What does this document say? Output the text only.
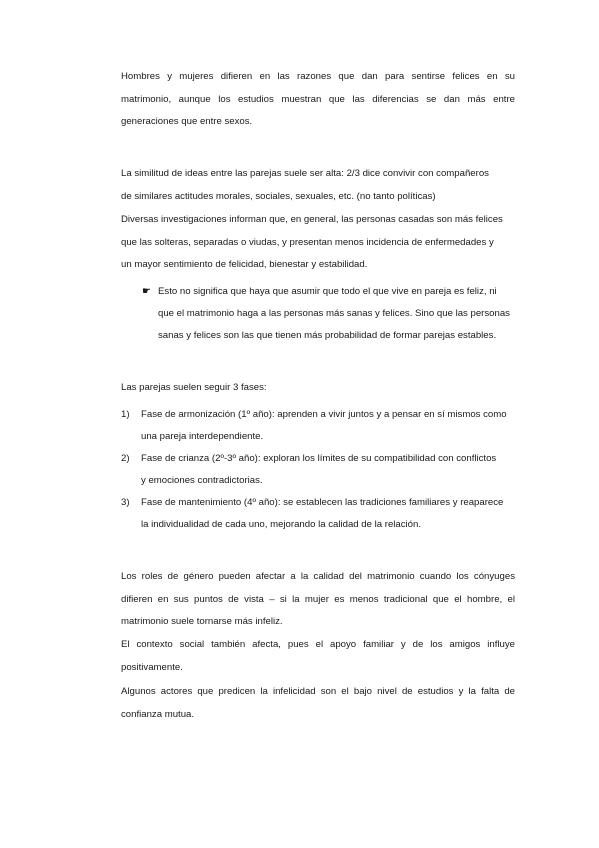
Hombres y mujeres difieren en las razones que dan para sentirse felices en su
matrimonio, aunque los estudios muestran que las diferencias se dan más entre
generaciones que entre sexos.
La similitud de ideas entre las parejas suele ser alta: 2/3 dice convivir con compañeros
de similares actitudes morales, sociales, sexuales, etc. (no tanto políticas)
Diversas investigaciones informan que, en general, las personas casadas son más felices
que las solteras, separadas o viudas, y presentan menos incidencia de enfermedades y
un mayor sentimiento de felicidad, bienestar y estabilidad.
☛ Esto no significa que haya que asumir que todo el que vive en pareja es feliz, ni
que el matrimonio haga a las personas más sanas y felices. Sino que las personas
sanas y felices son las que tienen más probabilidad de formar parejas estables.
Las parejas suelen seguir 3 fases:
1) Fase de armonización (1º año): aprenden a vivir juntos y a pensar en sí mismos como
una pareja interdependiente.
2) Fase de crianza (2º-3º año): exploran los límites de su compatibilidad con conflictos
y emociones contradictorias.
3) Fase de mantenimiento (4º año): se establecen las tradiciones familiares y reaparece
la individualidad de cada uno, mejorando la calidad de la relación.
Los roles de género pueden afectar a la calidad del matrimonio cuando los cónyuges
difieren en sus puntos de vista – si la mujer es menos tradicional que el hombre, el
matrimonio suele tornarse más infeliz.
El contexto social también afecta, pues el apoyo familiar y de los amigos influye
positivamente.
Algunos actores que predicen la infelicidad son el bajo nivel de estudios y la falta de
confianza mutua.
